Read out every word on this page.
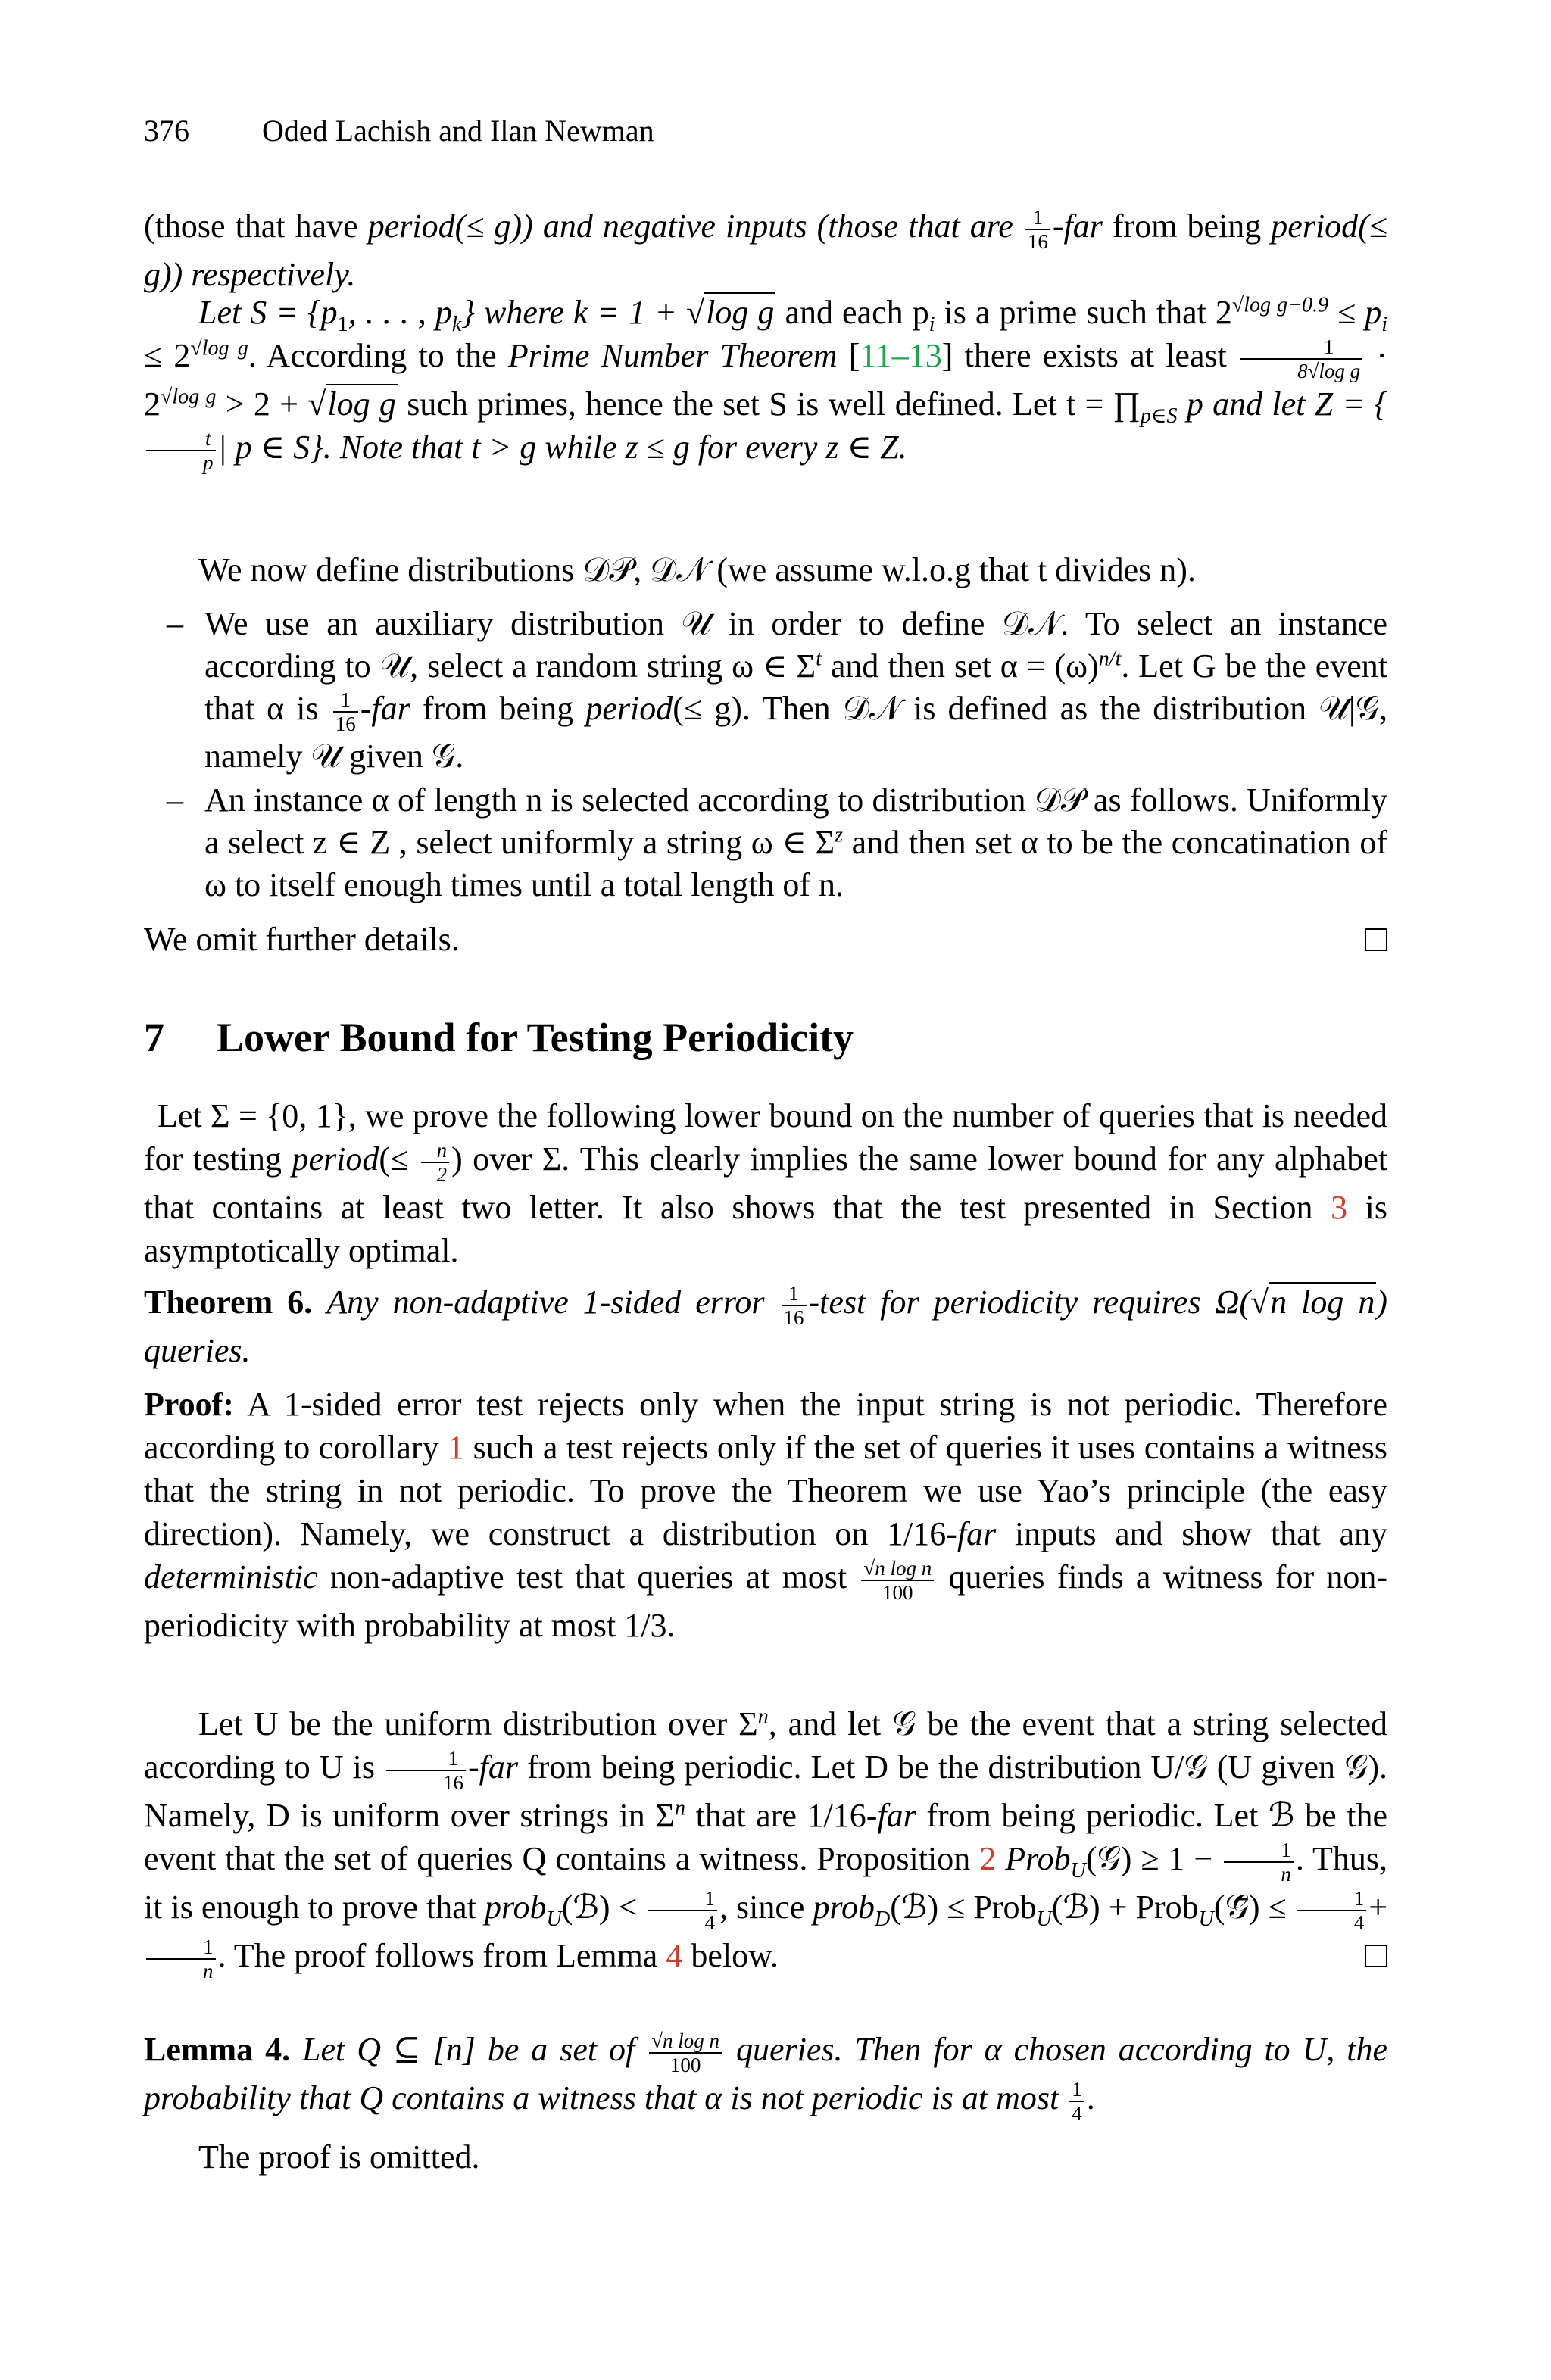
376 Oded Lachish and Ilan Newman
(those that have period(≤ g)) and negative inputs (those that are $\frac{1}{16} -far$ from being period(≤ g)) respectively.
Let $S = \{p_1$, . . . , $p_k$} where k = 1 + √log g and each $p_i$ is a prime such that $2^{√log g-0.9} \le p_i \le 2^{√log g}$. According to the Prime Number Theorem [11–13] there exists at least $\frac{1}{\text{8√log g}} \cdot 2^{√log g} > 2 + √\log$ g such primes, hence the set S is well defined. Let $t = \prod_{p\in S}$ p and let Z = {
$\frac{t}{p}$ | p ∈ S}. Note that t > g while z ≤ g for every z ∈ Z.
We now define distributions 𝒟𝒫, 𝒟𝒩 (we assume w.l.o.g that t divides n).
– We use an auxiliary distribution 𝒰 in order to define 𝒟𝒩. To select an instance according to 𝒰, select a random string ω ∈ $\Sigma^t$ and then set $\alpha = (\omega)^{n/t}$. Let G be the event that α is $\frac{1}{16} -far$ from being period(≤ g). Then 𝒟𝒩 is defined as the distribution 𝒰|𝒢, namely 𝒰 given 𝒢.
– An instance α of length n is selected according to distribution 𝒟𝒫 as follows. Uniformly a select z ∈ Z , select uniformly a string ω ∈ $\Sigma^z$ and then set α to be the concatination of ω to itself enough times until a total length of n.
We omit further details.
7 Lower Bound for Testing Periodicity
Let Σ = {0, 1}, we prove the following lower bound on the number of queries that is needed for testing period(≤ $\frac{n}{2}$ ) over Σ. This clearly implies the same lower bound for any alphabet that contains at least two letter. It also shows that the test presented in Section 3 is asymptotically optimal.
Theorem 6. Any non-adaptive 1-sided error $\frac{1}{16}$ -test for periodicity requires Ω(√n log n) queries.
Proof: A 1-sided error test rejects only when the input string is not periodic. Therefore according to corollary 1 such a test rejects only if the set of queries it uses contains a witness that the string in not periodic. To prove the Theorem we use Yao’s principle (the easy direction). Namely, we construct a distribution on 1/16-far inputs and show that any deterministic non-adaptive test that queries at most $\frac{\text{√n log n}}{100}$ queries finds a witness for non-periodicity with probability at most 1/3.
Let U be the uniform distribution over $\Sigma^n$, and let 𝒢 be the event that a string selected according to U is $\frac{1}{16} -far$ from being periodic. Let D be the distribution U/𝒢 (U given 𝒢). Namely, D is uniform over strings in $\Sigma^n$ that are 1/16-far from being periodic. Let ℬ be the event that the set of queries Q contains a witness. Proposition 2 Prob$_U$(𝒢) ≥ $1 - \frac{1}{n}$ . Thus, it is enough to prove that prob$_U$(ℬ) < $\frac{1}{4}$ , since prob$_D$(ℬ) ≤ Prob$_U$(ℬ) + Prob$_U$(𝒢̄) ≤ $\frac{1}{4}$ +
$\frac{1}{n}$ . The proof follows from Lemma 4 below.
Lemma 4. Let Q ⊆ [n] be a set of $\frac{\text{√n log n}}{100}$ queries. Then for α chosen according to U, the probability that Q contains a witness that α is not periodic is at most $\frac{1}{4}$ .
The proof is omitted.
